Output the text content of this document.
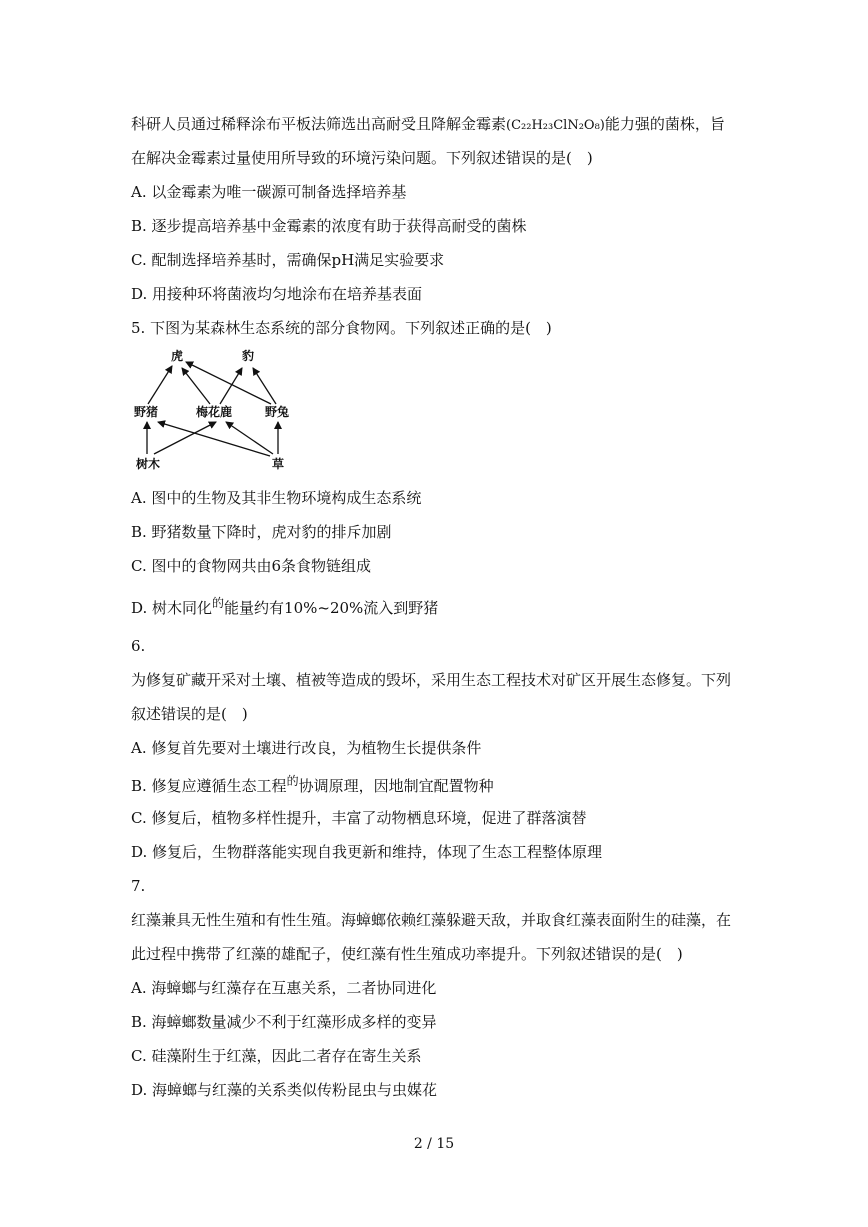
科研人员通过稀释涂布平板法筛选出高耐受且降解金霉素(C₂₂H₂₃ClN₂O₈)能力强的菌株，旨
在解决金霉素过量使用所导致的环境污染问题。下列叙述错误的是(　)
A. 以金霉素为唯一碳源可制备选择培养基
B. 逐步提高培养基中金霉素的浓度有助于获得高耐受的菌株
C. 配制选择培养基时，需确保pH满足实验要求
D. 用接种环将菌液均匀地涂布在培养基表面
5. 下图为某森林生态系统的部分食物网。下列叙述正确的是(　)
虎	豹
野猪	梅花鹿	野兔
树木	草
A. 图中的生物及其非生物环境构成生态系统
B. 野猪数量下降时，虎对豹的排斥加剧
C. 图中的食物网共由6条食物链组成
D. 树木同化$^的$能量约有10%~20%流入到野猪
6.
为修复矿藏开采对土壤、植被等造成的毁坏，采用生态工程技术对矿区开展生态修复。下列
叙述错误的是(　)
A. 修复首先要对土壤进行改良，为植物生长提供条件
B. 修复应遵循生态工程$^的$协调原理，因地制宜配置物种
C. 修复后，植物多样性提升，丰富了动物栖息环境，促进了群落演替
D. 修复后，生物群落能实现自我更新和维持，体现了生态工程整体原理
7.
红藻兼具无性生殖和有性生殖。海蟑螂依赖红藻躲避天敌，并取食红藻表面附生的硅藻，在
此过程中携带了红藻的雄配子，使红藻有性生殖成功率提升。下列叙述错误的是(　)
A. 海蟑螂与红藻存在互惠关系，二者协同进化
B. 海蟑螂数量减少不利于红藻形成多样的变异
C. 硅藻附生于红藻，因此二者存在寄生关系
D. 海蟑螂与红藻的关系类似传粉昆虫与虫媒花
2 / 15
